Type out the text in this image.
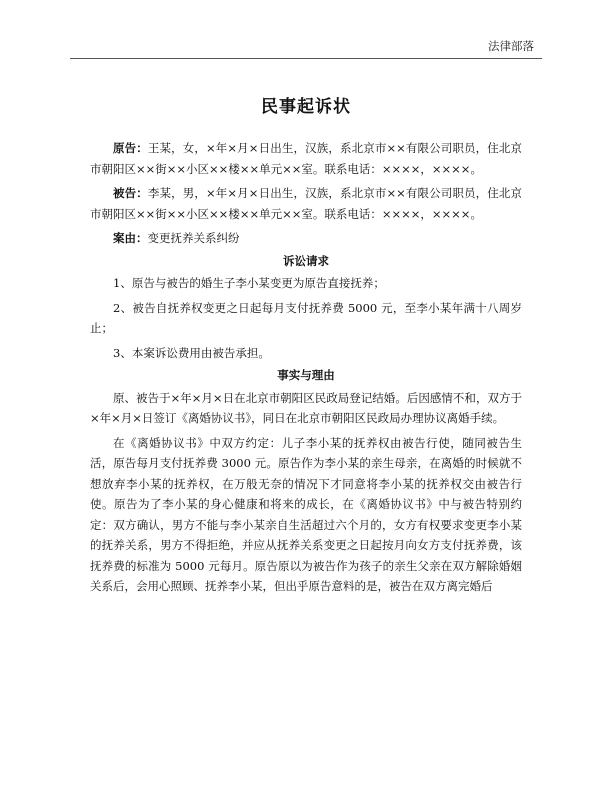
法律部落
民事起诉状

原告：王某，女，×年×月×日出生，汉族，系北京市××有限公司职员，住北京市朝阳区××街××小区××楼××单元××室。联系电话：××××，××××。

被告：李某，男，×年×月×日出生，汉族，系北京市××有限公司职员，住北京市朝阳区××街××小区××楼××单元××室。联系电话：××××，××××。

案由：变更抚养关系纠纷

诉讼请求

1、原告与被告的婚生子李小某变更为原告直接抚养；

2、被告自抚养权变更之日起每月支付抚养费 5000 元，至李小某年满十八周岁止；

3、本案诉讼费用由被告承担。

事实与理由

原、被告于×年×月×日在北京市朝阳区民政局登记结婚。后因感情不和，双方于×年×月×日签订《离婚协议书》，同日在北京市朝阳区民政局办理协议离婚手续。

在《离婚协议书》中双方约定：儿子李小某的抚养权由被告行使，随同被告生活，原告每月支付抚养费 3000 元。原告作为李小某的亲生母亲，在离婚的时候就不想放弃李小某的抚养权，在万般无奈的情况下才同意将李小某的抚养权交由被告行使。原告为了李小某的身心健康和将来的成长，在《离婚协议书》中与被告特别约定：双方确认，男方不能与李小某亲自生活超过六个月的，女方有权要求变更李小某的抚养关系，男方不得拒绝，并应从抚养关系变更之日起按月向女方支付抚养费，该抚养费的标准为 5000 元每月。原告原以为被告作为孩子的亲生父亲在双方解除婚姻关系后，会用心照顾、抚养李小某，但出乎原告意料的是，被告在双方离完婚后
